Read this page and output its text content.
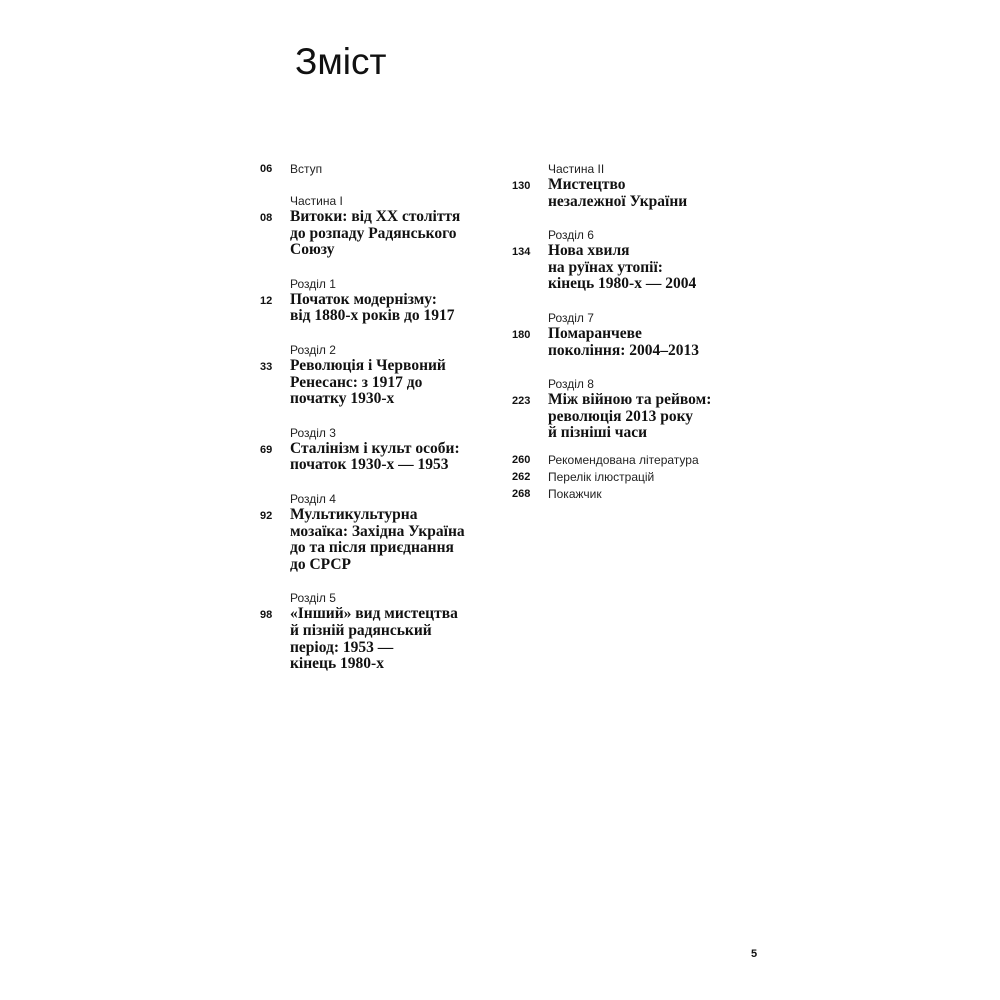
Зміст
06 Вступ
Частина I
08 Витоки: від XX століття
до розпаду Радянського
Союзу
Розділ 1
12 Початок модернізму:
від 1880-х років до 1917
Розділ 2
33 Революція і Червоний
Ренесанс: з 1917 до
початку 1930-х
Розділ 3
69 Сталінізм і культ особи:
початок 1930-х — 1953
Розділ 4
92 Мультикультурна
мозаїка: Західна Україна
до та після приєднання
до СРСР
Розділ 5
98 «Інший» вид мистецтва
й пізній радянський
період: 1953 —
кінець 1980-х
Частина II
130 Мистецтво
незалежної України
Розділ 6
134 Нова хвиля
на руїнах утопії:
кінець 1980-х — 2004
Розділ 7
180 Помаранчеве
покоління: 2004–2013
Розділ 8
223 Між війною та рейвом:
революція 2013 року
й пізніші часи
260 Рекомендована література
262 Перелік ілюстрацій
268 Покажчик
5
